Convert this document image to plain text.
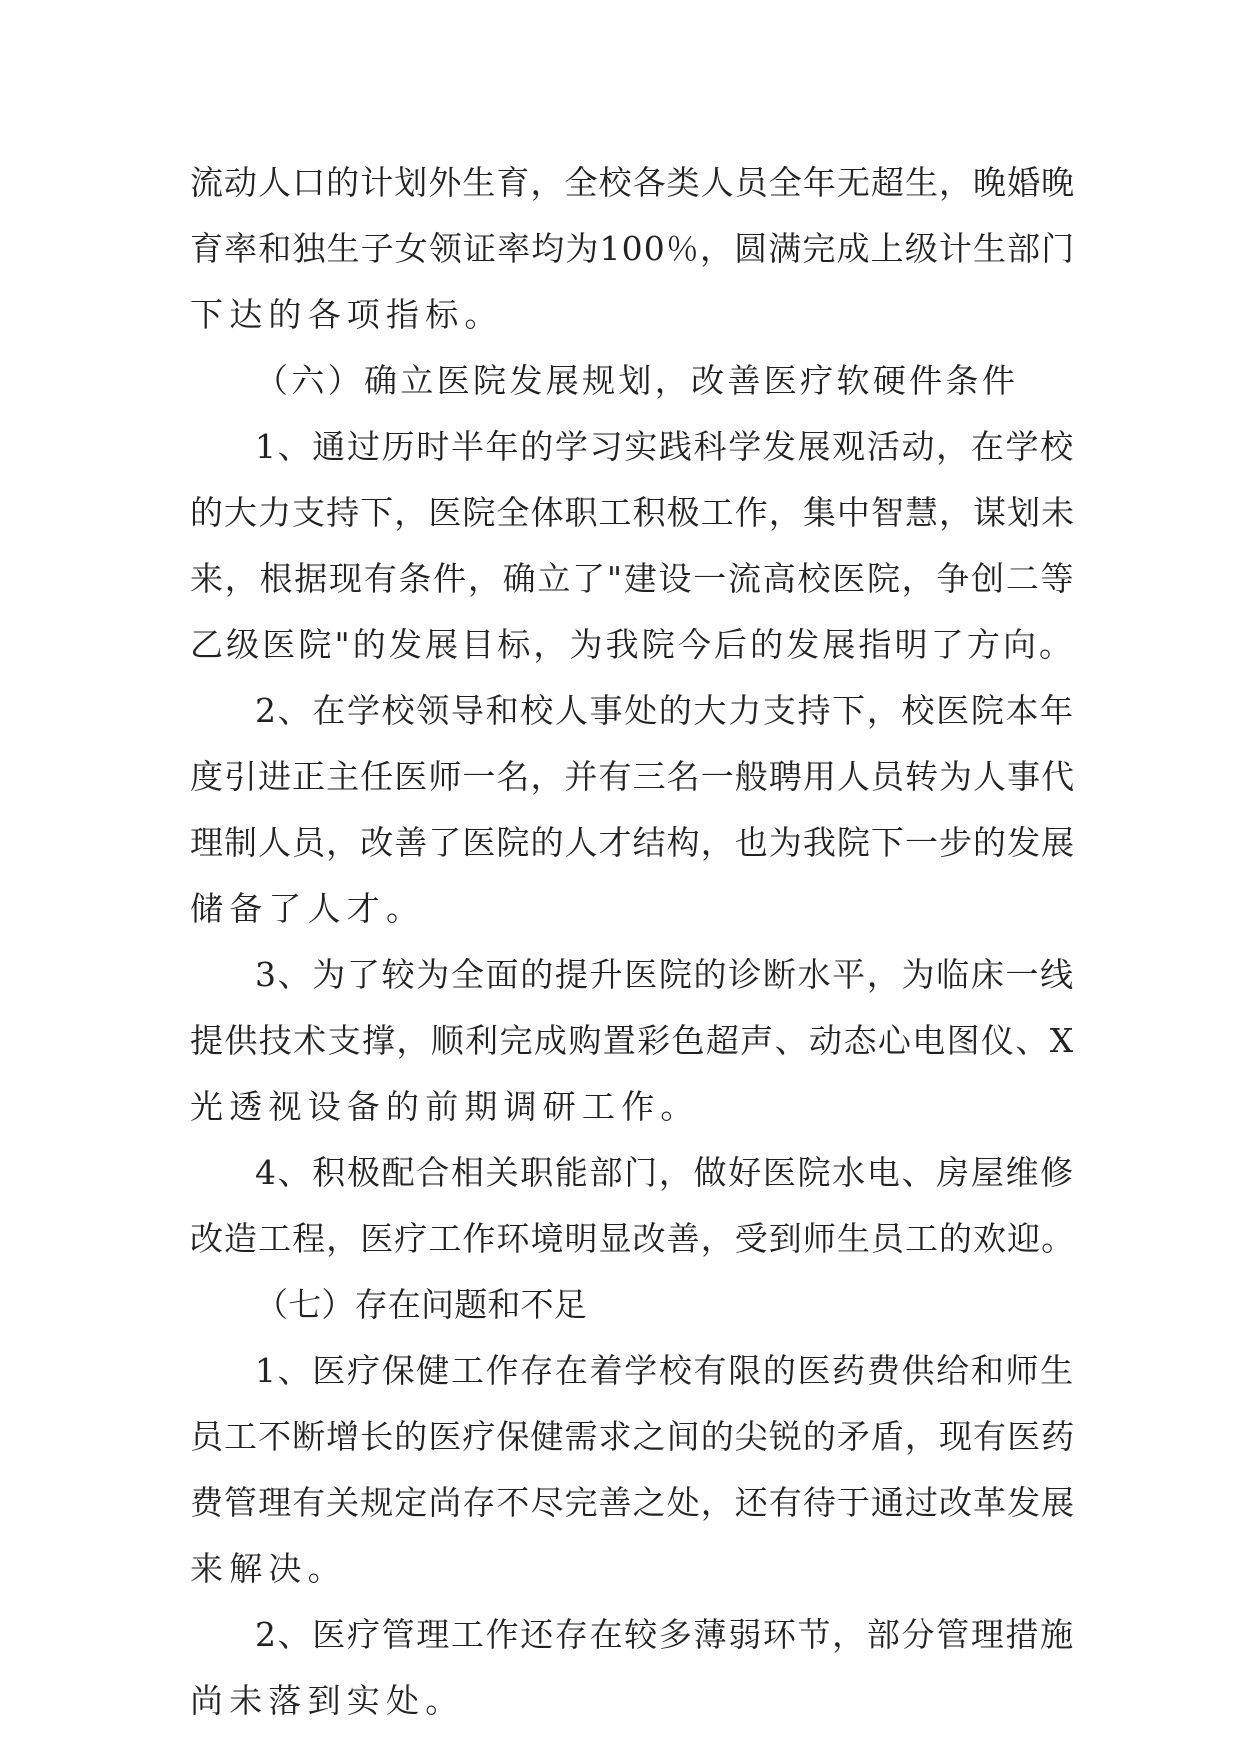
流动人口的计划外生育，全校各类人员全年无超生，晚婚晚
育率和独生子女领证率均为100％，圆满完成上级计生部门
下达的各项指标。
（六）确立医院发展规划，改善医疗软硬件条件
1、通过历时半年的学习实践科学发展观活动，在学校
的大力支持下，医院全体职工积极工作，集中智慧，谋划未
来，根据现有条件，确立了"建设一流高校医院，争创二等
乙级医院"的发展目标，为我院今后的发展指明了方向。
2、在学校领导和校人事处的大力支持下，校医院本年
度引进正主任医师一名，并有三名一般聘用人员转为人事代
理制人员，改善了医院的人才结构，也为我院下一步的发展
储备了人才。
3、为了较为全面的提升医院的诊断水平，为临床一线
提供技术支撑，顺利完成购置彩色超声、动态心电图仪、X
光透视设备的前期调研工作。
4、积极配合相关职能部门，做好医院水电、房屋维修
改造工程，医疗工作环境明显改善，受到师生员工的欢迎。
（七）存在问题和不足
1、医疗保健工作存在着学校有限的医药费供给和师生
员工不断增长的医疗保健需求之间的尖锐的矛盾，现有医药
费管理有关规定尚存不尽完善之处，还有待于通过改革发展
来解决。
2、医疗管理工作还存在较多薄弱环节，部分管理措施
尚未落到实处。
